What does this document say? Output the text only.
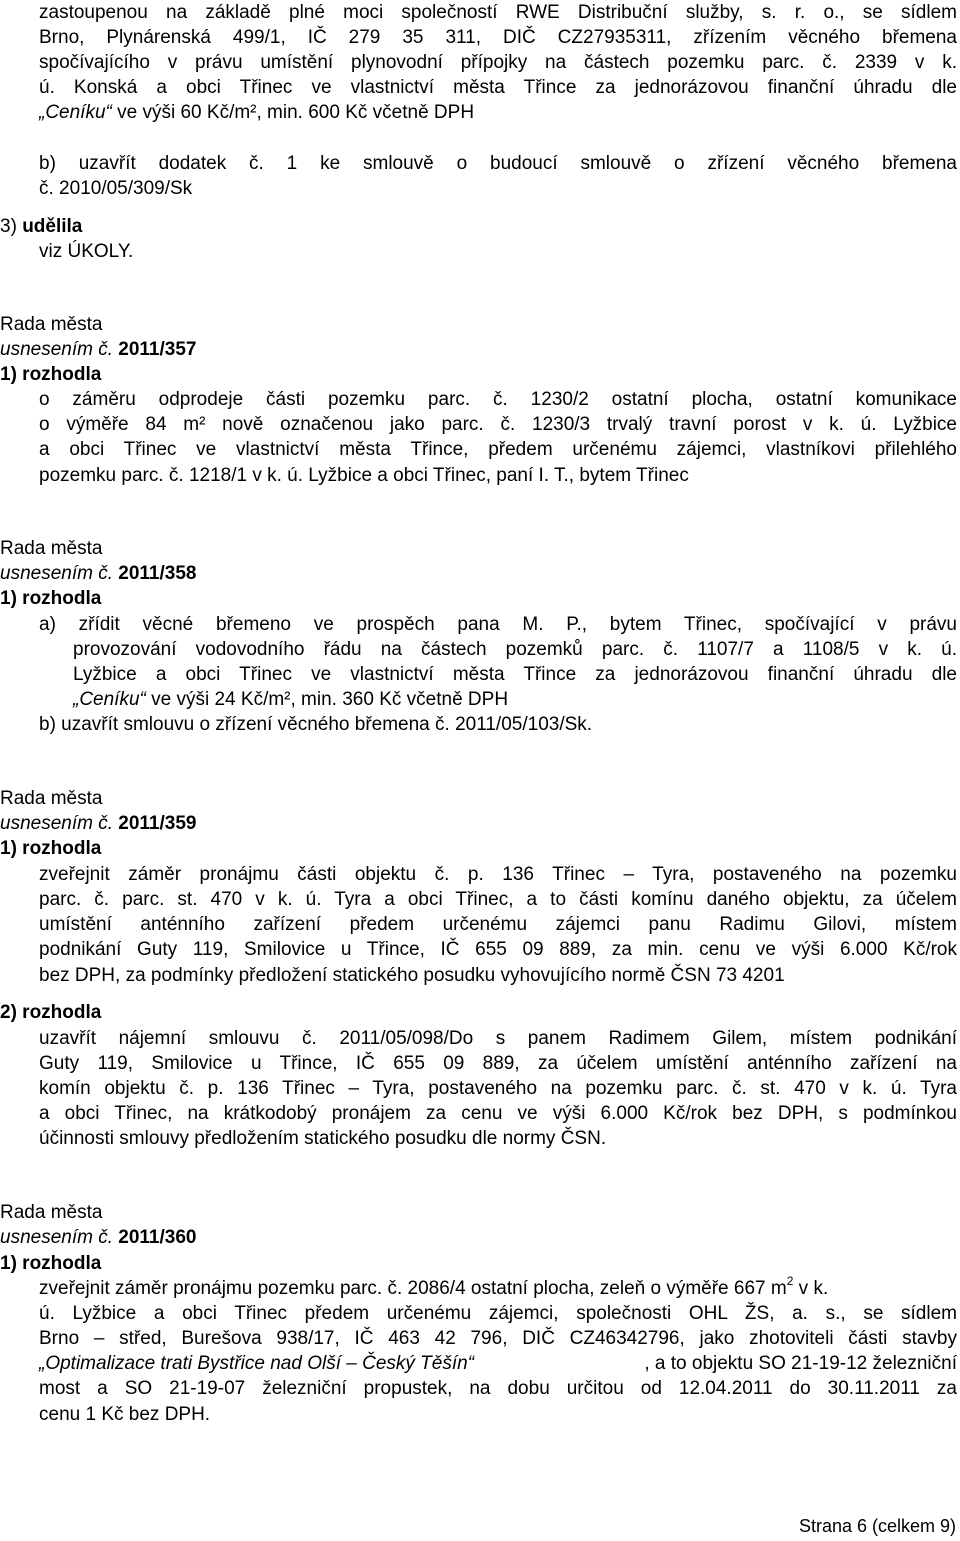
zastoupenou na základě plné moci společností RWE Distribuční služby, s. r. o., se sídlem
Brno, Plynárenská 499/1, IČ 279 35 311, DIČ CZ27935311, zřízením věcného břemena
spočívajícího v právu umístění plynovodní přípojky na částech pozemku parc. č. 2339 v k.
ú. Konská a obci Třinec ve vlastnictví města Třince za jednorázovou finanční úhradu dle
„Ceníku“ ve výši 60 Kč/m², min. 600 Kč včetně DPH
b) uzavřít dodatek č. 1 ke smlouvě o budoucí smlouvě o zřízení věcného břemena
č. 2010/05/309/Sk
3) udělila
viz ÚKOLY.
Rada města
usnesením č. 2011/357
1) rozhodla
o záměru odprodeje části pozemku parc. č. 1230/2 ostatní plocha, ostatní komunikace
o výměře 84 m² nově označenou jako parc. č. 1230/3 trvalý travní porost v k. ú. Lyžbice
a obci Třinec ve vlastnictví města Třince, předem určenému zájemci, vlastníkovi přilehlého
pozemku parc. č. 1218/1 v k. ú. Lyžbice a obci Třinec, paní I. T., bytem Třinec
Rada města
usnesením č. 2011/358
1) rozhodla
a) zřídit věcné břemeno ve prospěch pana M. P., bytem Třinec, spočívající v právu
provozování vodovodního řádu na částech pozemků parc. č. 1107/7 a 1108/5 v k. ú.
Lyžbice a obci Třinec ve vlastnictví města Třince za jednorázovou finanční úhradu dle
„Ceníku“ ve výši 24 Kč/m², min. 360 Kč včetně DPH
b) uzavřít smlouvu o zřízení věcného břemena č. 2011/05/103/Sk.
Rada města
usnesením č. 2011/359
1) rozhodla
zveřejnit záměr pronájmu části objektu č. p. 136 Třinec – Tyra, postaveného na pozemku
parc. č. parc. st. 470 v k. ú. Tyra a obci Třinec, a to části komínu daného objektu, za účelem
umístění anténního zařízení předem určenému zájemci panu Radimu Gilovi, místem
podnikání Guty 119, Smilovice u Třince, IČ 655 09 889, za min. cenu ve výši 6.000 Kč/rok
bez DPH, za podmínky předložení statického posudku vyhovujícího normě ČSN 73 4201
2) rozhodla
uzavřít nájemní smlouvu č. 2011/05/098/Do s panem Radimem Gilem, místem podnikání
Guty 119, Smilovice u Třince, IČ 655 09 889, za účelem umístění anténního zařízení na
komín objektu č. p. 136 Třinec – Tyra, postaveného na pozemku parc. č. st. 470 v k. ú. Tyra
a obci Třinec, na krátkodobý pronájem za cenu ve výši 6.000 Kč/rok bez DPH, s podmínkou
účinnosti smlouvy předložením statického posudku dle normy ČSN.
Rada města
usnesením č. 2011/360
1) rozhodla
zveřejnit záměr pronájmu pozemku parc. č. 2086/4 ostatní plocha, zeleň o výměře 667 $m^2$ v k.
ú. Lyžbice a obci Třinec předem určenému zájemci, společnosti OHL ŽS, a. s., se sídlem
Brno – střed, Burešova 938/17, IČ 463 42 796, DIČ CZ46342796, jako zhotoviteli části stavby
„Optimalizace trati Bystřice nad Olší – Český Těšín“	, a to objektu SO 21-19-12 železniční
most a SO 21-19-07 železniční propustek, na dobu určitou od 12.04.2011 do 30.11.2011 za
cenu 1 Kč bez DPH.
Strana 6 (celkem 9)
